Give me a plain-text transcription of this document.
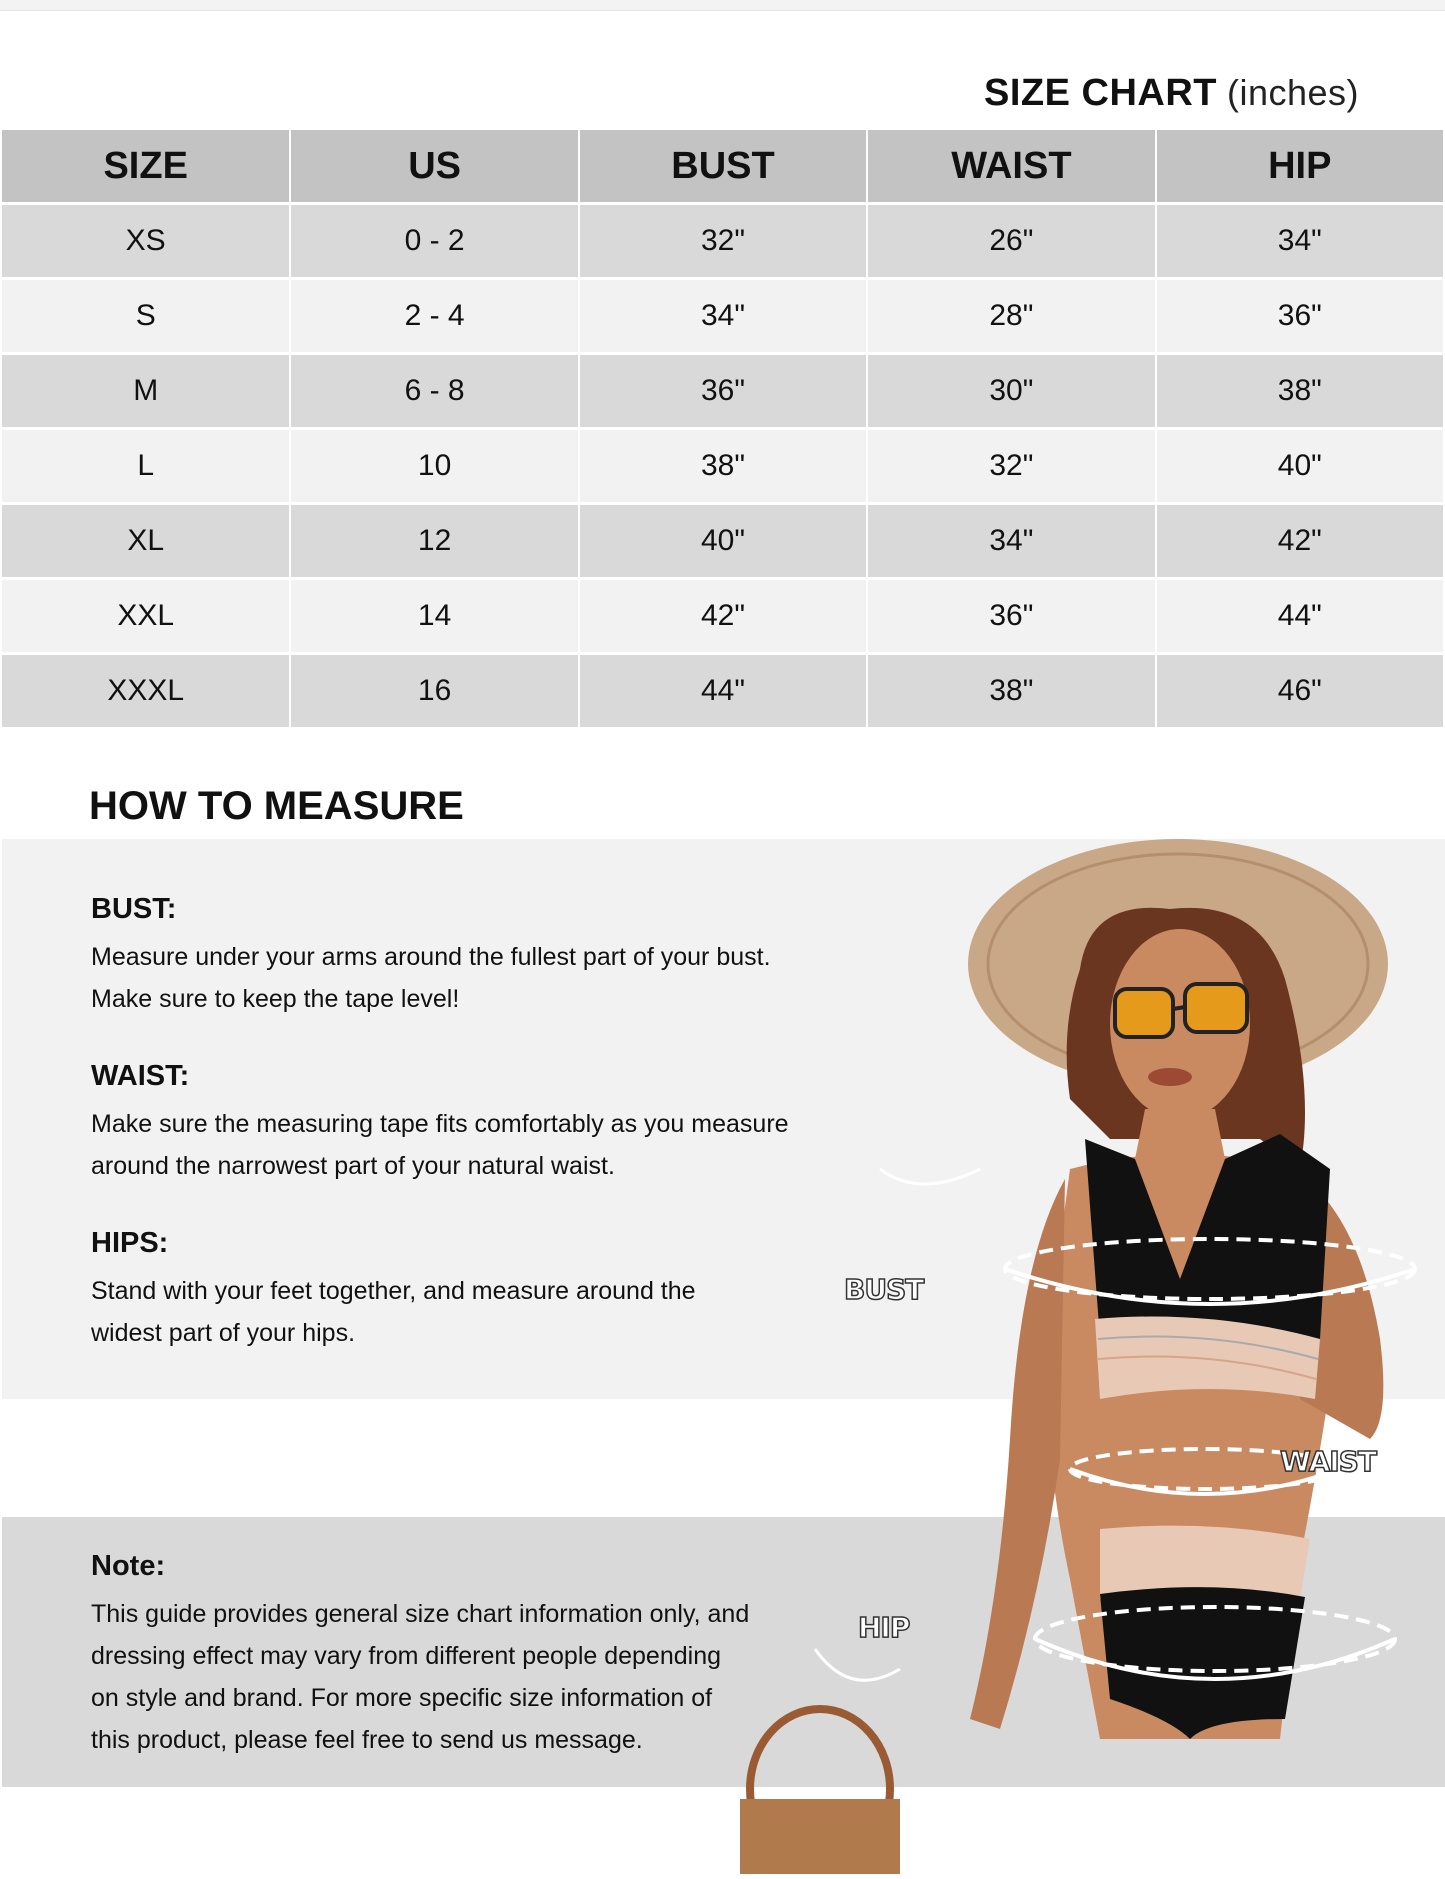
SIZE CHART (inches)
SIZE	US	BUST	WAIST	HIP
XS	0 - 2	32"	26"	34"
S	2 - 4	34"	28"	36"
M	6 - 8	36"	30"	38"
L	10	38"	32"	40"
XL	12	40"	34"	42"
XXL	14	42"	36"	44"
XXXL	16	44"	38"	46"
HOW TO MEASURE
BUST:
Measure under your arms around the fullest part of your bust.
Make sure to keep the tape level!
WAIST:
Make sure the measuring tape fits comfortably as you measure
around the narrowest part of your natural waist.
HIPS:
Stand with your feet together, and measure around the
widest part of your hips.
Note:
This guide provides general size chart information only, and
dressing effect may vary from different people depending
on style and brand. For more specific size information of
this product, please feel free to send us message.
BUST
WAIST
HIP
